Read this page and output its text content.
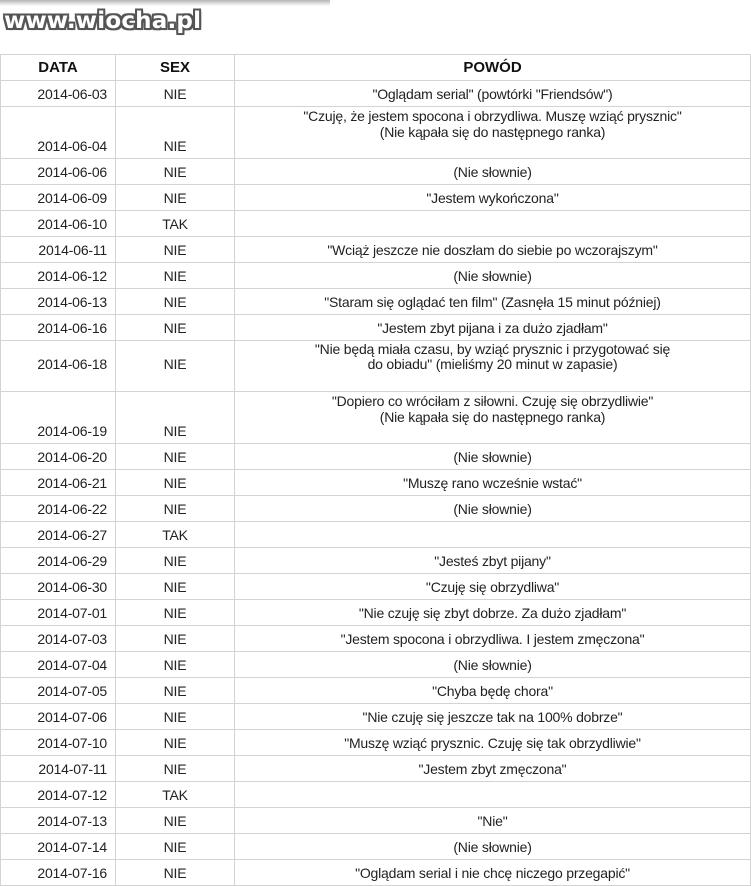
www.wiocha.pl
DATA	SEX	POWÓD
2014-06-03	NIE	"Oglądam serial" (powtórki "Friendsów")
2014-06-04	NIE	"Czuję, że jestem spocona i obrzydliwa. Muszę wziąć prysznic"
(Nie kąpała się do następnego ranka)
2014-06-06	NIE	(Nie słownie)
2014-06-09	NIE	"Jestem wykończona"
2014-06-10	TAK	
2014-06-11	NIE	"Wciąż jeszcze nie doszłam do siebie po wczorajszym"
2014-06-12	NIE	(Nie słownie)
2014-06-13	NIE	"Staram się oglądać ten film" (Zasnęła 15 minut później)
2014-06-16	NIE	"Jestem zbyt pijana i za dużo zjadłam"
2014-06-18	NIE	"Nie będą miała czasu, by wziąć prysznic i przygotować się
do obiadu" (mieliśmy 20 minut w zapasie)
2014-06-19	NIE	"Dopiero co wróciłam z siłowni. Czuję się obrzydliwie"
(Nie kąpała się do następnego ranka)
2014-06-20	NIE	(Nie słownie)
2014-06-21	NIE	"Muszę rano wcześnie wstać"
2014-06-22	NIE	(Nie słownie)
2014-06-27	TAK	
2014-06-29	NIE	"Jesteś zbyt pijany"
2014-06-30	NIE	"Czuję się obrzydliwa"
2014-07-01	NIE	"Nie czuję się zbyt dobrze. Za dużo zjadłam"
2014-07-03	NIE	"Jestem spocona i obrzydliwa. I jestem zmęczona"
2014-07-04	NIE	(Nie słownie)
2014-07-05	NIE	"Chyba będę chora"
2014-07-06	NIE	"Nie czuję się jeszcze tak na 100% dobrze"
2014-07-10	NIE	"Muszę wziąć prysznic. Czuję się tak obrzydliwie"
2014-07-11	NIE	"Jestem zbyt zmęczona"
2014-07-12	TAK	
2014-07-13	NIE	"Nie"
2014-07-14	NIE	(Nie słownie)
2014-07-16	NIE	"Oglądam serial i nie chcę niczego przegapić"
